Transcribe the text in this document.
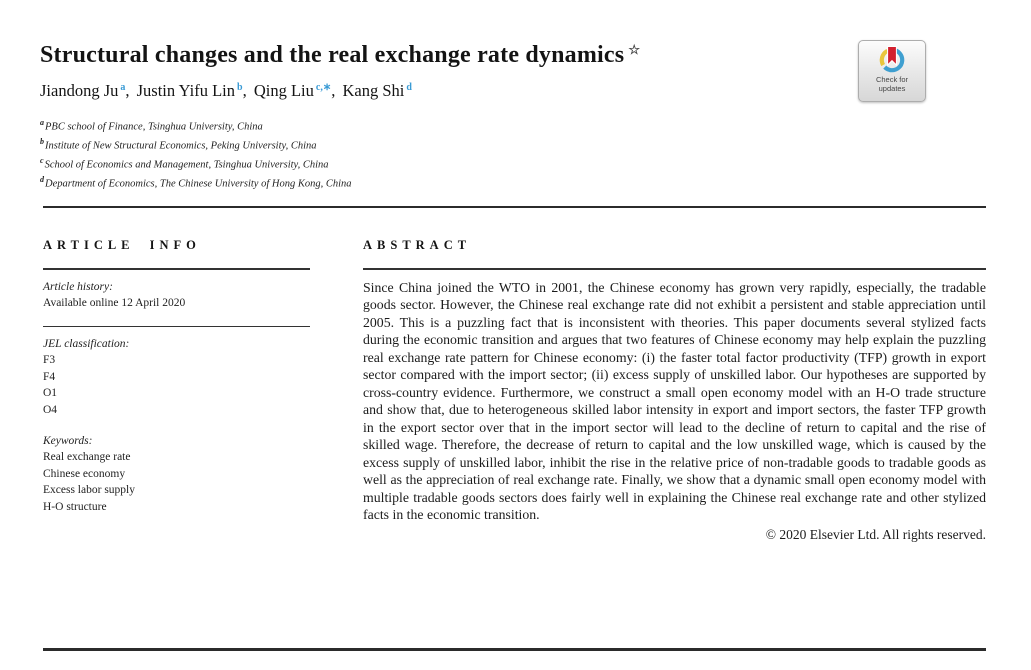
Structural changes and the real exchange rate dynamics ☆
Jiandong Ju $^a$, Justin Yifu Lin $^b$, Qing Liu $^{c,∗}$, Kang Shi $^d$
$^a$PBC school of Finance, Tsinghua University, China
$^b$Institute of New Structural Economics, Peking University, China
$^c$School of Economics and Management, Tsinghua University, China
$^d$Department of Economics, The Chinese University of Hong Kong, China
Check for
updates
ARTICLE INFO
Article history:
Available online 12 April 2020
JEL classification:
F3
F4
O1
O4
Keywords:
Real exchange rate
Chinese economy
Excess labor supply
H-O structure
ABSTRACT

Since China joined the WTO in 2001, the Chinese economy has grown very rapidly, especially, the tradable goods sector. However, the Chinese real exchange rate did not exhibit a persistent and stable appreciation until 2005. This is a puzzling fact that is inconsistent with theories. This paper documents several stylized facts during the economic transition and argues that two features of Chinese economy may help explain the puzzling real exchange rate pattern for Chinese economy: (i) the faster total factor productivity (TFP) growth in export sector compared with the import sector; (ii) excess supply of unskilled labor. Our hypotheses are supported by cross-country evidence. Furthermore, we construct a small open economy model with an H-O trade structure and show that, due to heterogeneous skilled labor intensity in export and import sectors, the faster TFP growth in the export sector over that in the import sector will lead to the decline of return to capital and the rise of skilled wage. Therefore, the decrease of return to capital and the low unskilled wage, which is caused by the excess supply of unskilled labor, inhibit the rise in the relative price of non-tradable goods to tradable goods as well as the appreciation of real exchange rate. Finally, we show that a dynamic small open economy model with multiple tradable goods sectors does fairly well in explaining the Chinese real exchange rate and other stylized facts in the economic transition.

© 2020 Elsevier Ltd. All rights reserved.
